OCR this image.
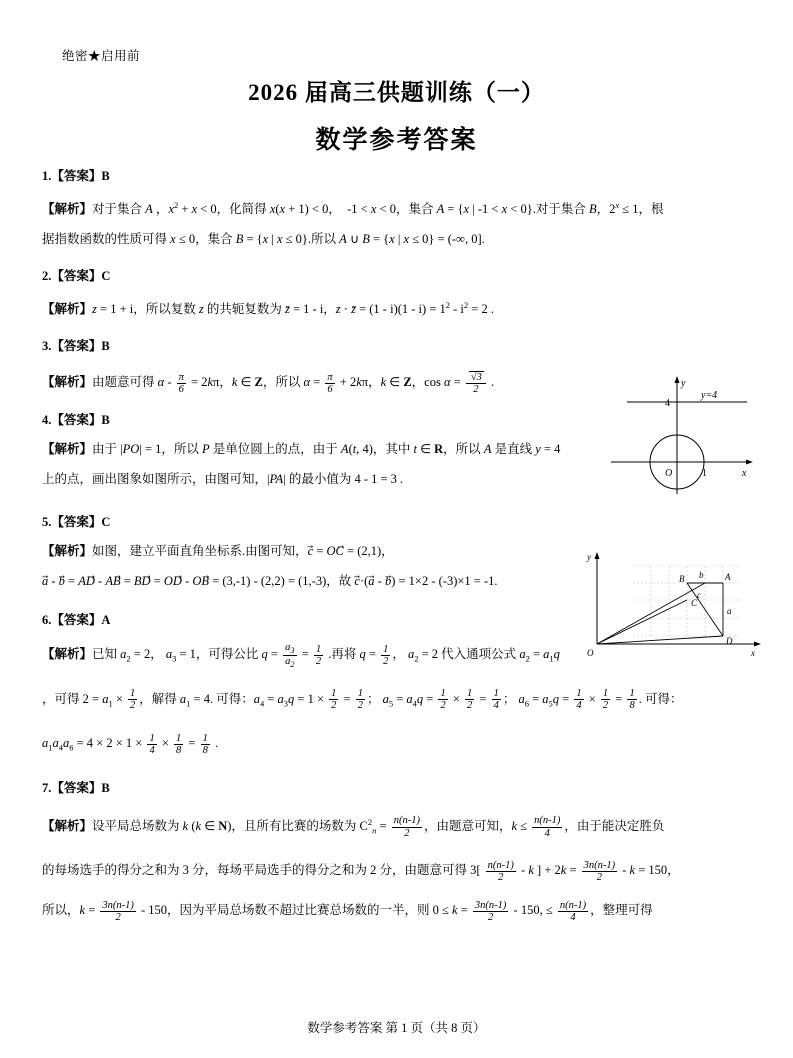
绝密★启用前
2026 届高三供题训练（一）
数学参考答案
1.【答案】B
【解析】对于集合 A ，$x^2 + x < 0$，化简得 x(x + 1) < 0，　-1 < x < 0，集合 A = {x | -1 < x < 0}.对于集合 B，$2^x \le 1$，根
据指数函数的性质可得 x ≤ 0，集合 B = {x | x ≤ 0}.所以 A ∪ B = {x | x ≤ 0} = (-∞, 0].
2.【答案】C
【解析】z = 1 + i，所以复数 z 的共轭复数为 z̄ = 1 - i，z · z̄ = $(1 - i)(1 - i) = 1^2 - i^2 = 2$ .
3.【答案】B
【解析】由题意可得 $\alpha - \frac{\pi}{6} = 2k\pi$，k ∈ Z，所以 $\alpha = \frac{\pi}{6} + 2k\pi$，k ∈ Z，$\cos \alpha = \frac{√3}{2}$ .
4.【答案】B
【解析】由于 |PO| = 1，所以 P 是单位圆上的点，由于 A(t, 4)，其中 t ∈ R，所以 A 是直线 y = 4
上的点，画出图象如图所示，由图可知，|PA| 的最小值为 4 - 1 = 3 .
5.【答案】C
【解析】如图，建立平面直角坐标系.由图可知，c⃗ = OC⃗ = (2,1)，
a⃗ - b⃗ = AD⃗ - AB⃗ = BD⃗ = OD⃗ - OB⃗ = (3,-1) - (2,2) = (1,-3)，故 c⃗·(a⃗ - b⃗) = 1×2 - (-3)×1 = -1.
6.【答案】A
【解析】已知 $a_2 = 2$， $a_3 = 1$，可得公比 $q = \frac{a_3}{a_2} = \frac{1}{2}$ .再将 $q = \frac{1}{2}$ ， $a_2 = 2$ 代入通项公式 $a_2 = a_1q$
，可得 $2 = a_1 \times \frac{1}{2}$ ，解得 $a_1 = 4$. 可得：$a_4 = a_3q = 1 \times \frac{1}{2} = \frac{1}{2}$ ； $a_5 = a_4q = \frac{1}{2} \times \frac{1}{2} = \frac{1}{4}$ ； $a_6 = a_5q = \frac{1}{4} \times \frac{1}{2} = \frac{1}{8}$ . 可得：
$a_1a_4a_6 = 4 \times 2 \times 1 \times \frac{1}{4} \times \frac{1}{8} = \frac{1}{8}$ .
7.【答案】B
【解析】设平局总场数为 k (k ∈ N)，且所有比赛的场数为 $C^2_n = \frac{n(n-1)}{2}$ ，由题意可知，$k \le \frac{n(n-1)}{4}$ ，由于能决定胜负
的每场选手的得分之和为 3 分，每场平局选手的得分之和为 2 分，由题意可得 $3[ \frac{n(n-1)}{2}$ - k ] + $2k = \frac{3n(n-1)}{2} - k = 150$，
所以，$k = \frac{3n(n-1)}{2} - 150$，因为平局总场数不超过比赛总场数的一半，则 $0 \le k = \frac{3n(n-1)}{2} - 150$, ≤ $\frac{n(n-1)}{4}$ ，整理可得
y
x
y=4
4
O	1
y
x
O
B	A
C
D
b
c
a
数学参考答案 第 1 页（共 8 页）
